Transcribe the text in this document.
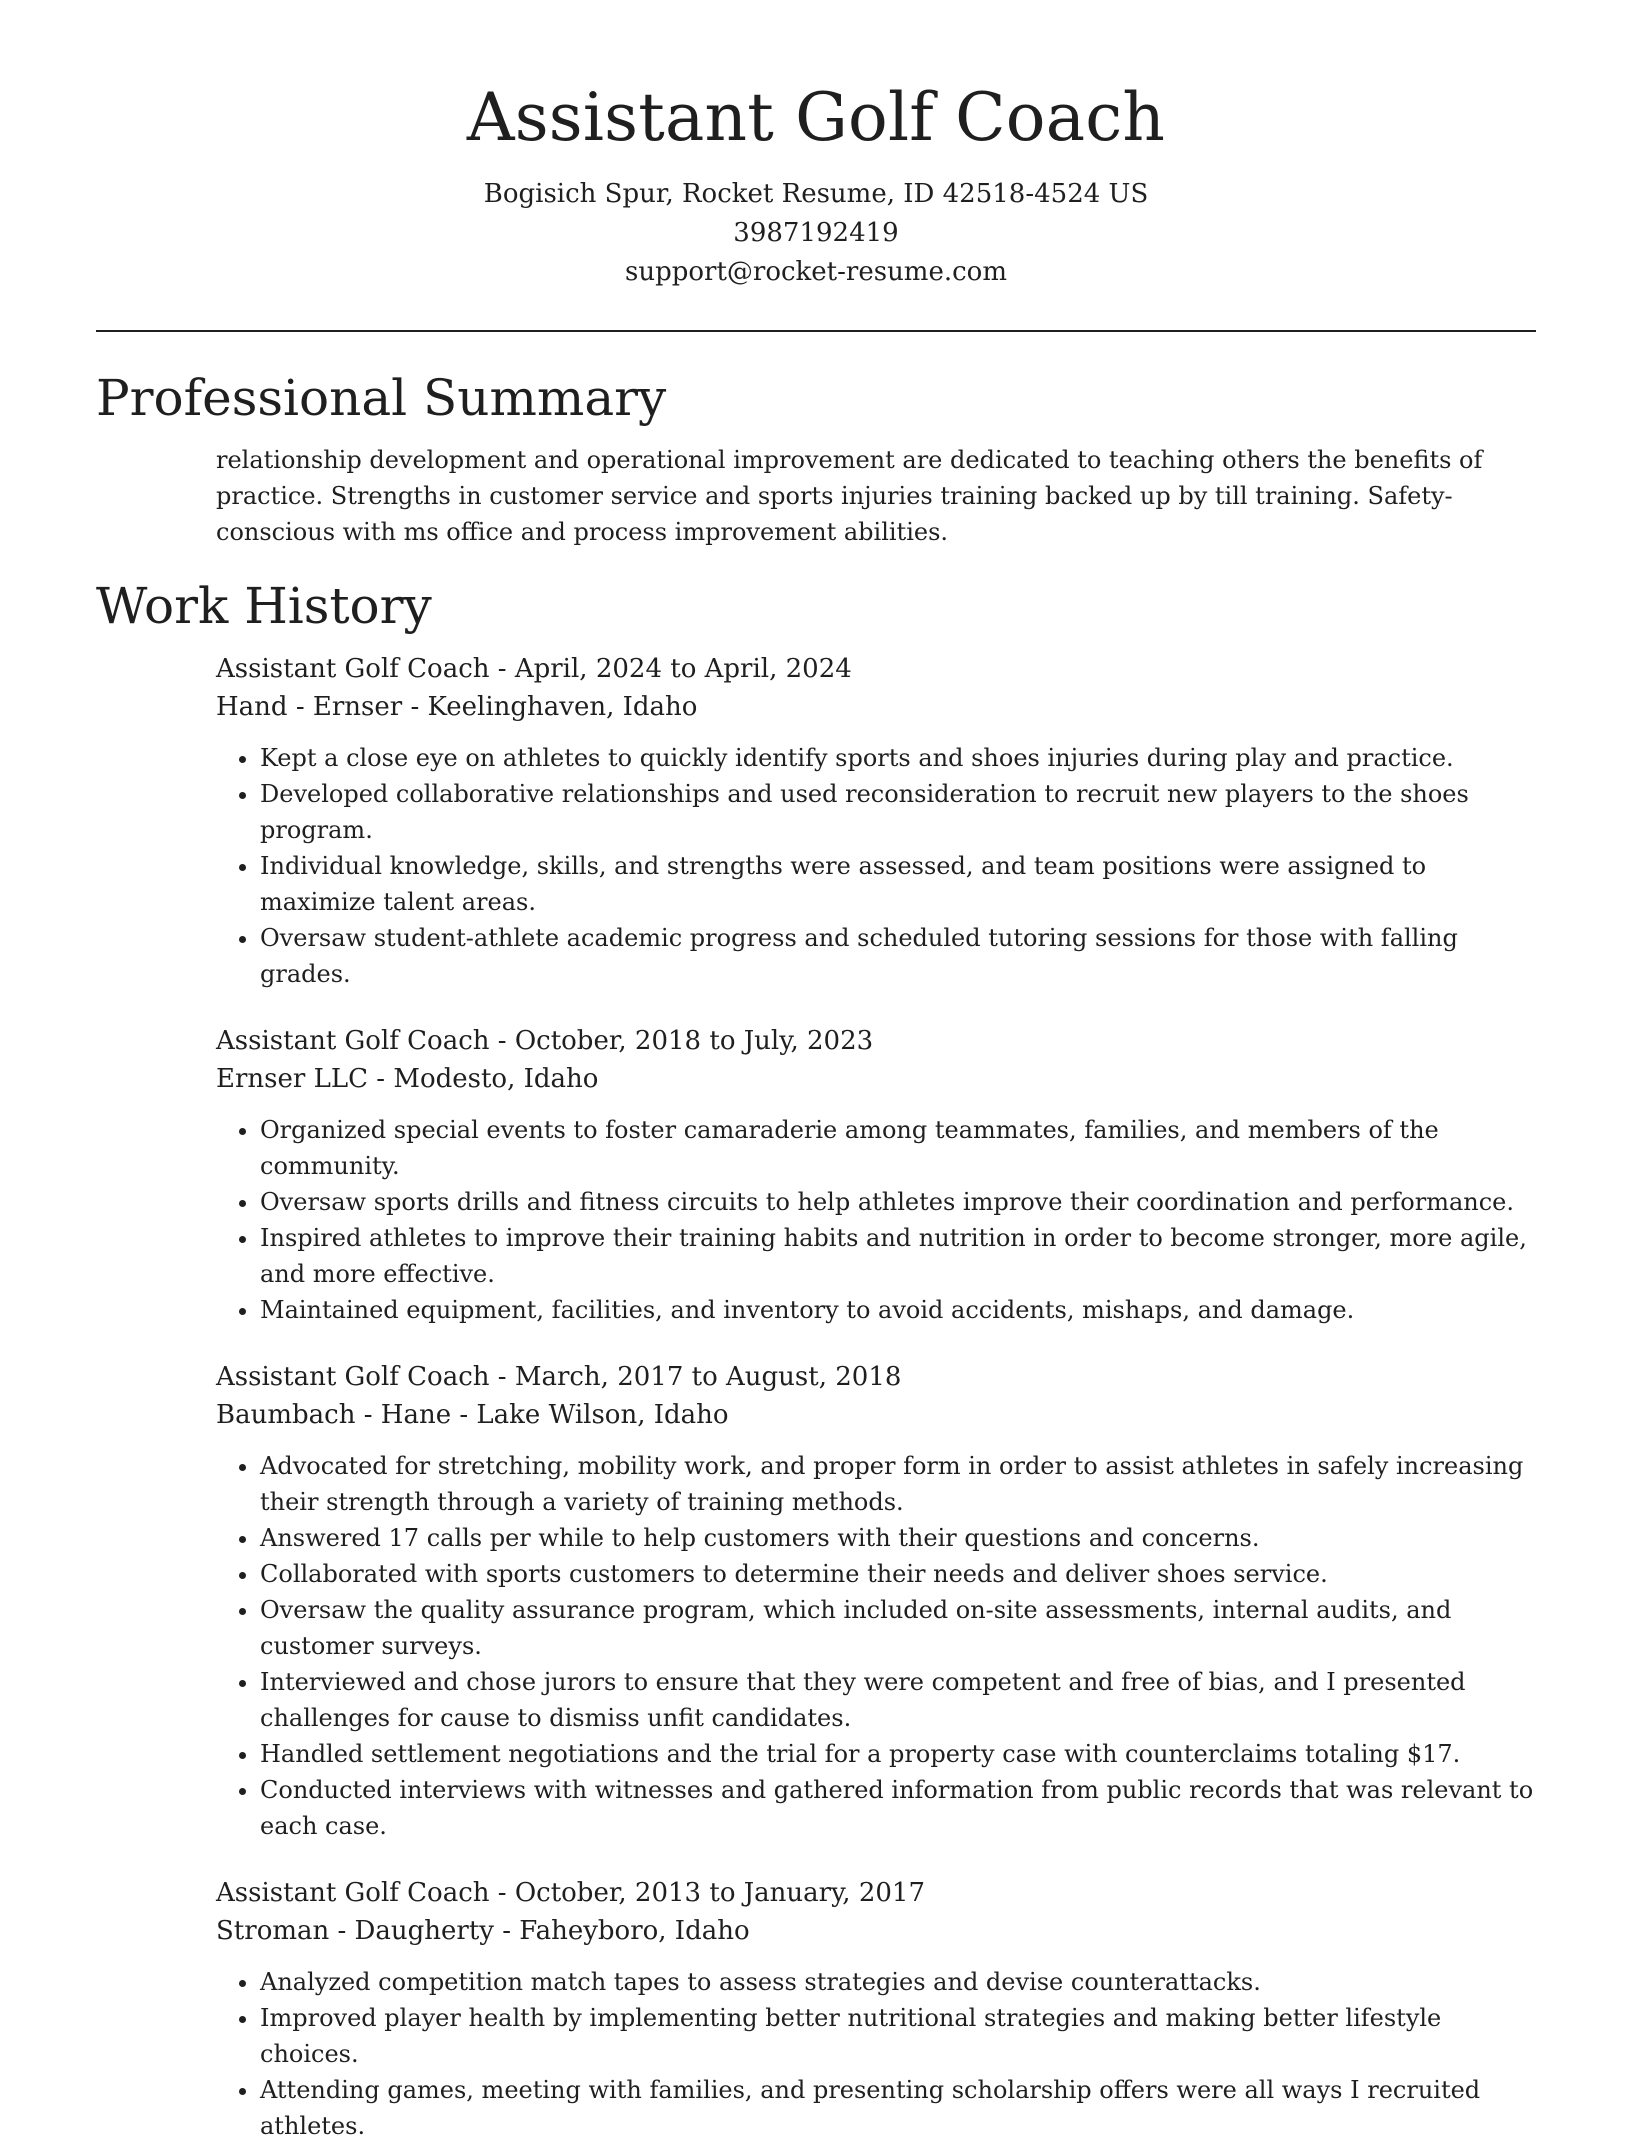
Assistant Golf Coach

Bogisich Spur, Rocket Resume, ID 42518-4524 US

3987192419

support@rocket-resume.com

Professional Summary

relationship development and operational improvement are dedicated to teaching others the benefits of practice. Strengths in customer service and sports injuries training backed up by till training. Safety-conscious with ms office and process improvement abilities.

Work History

Assistant Golf Coach - April, 2024 to April, 2024

Hand - Ernser - Keelinghaven, Idaho

• Kept a close eye on athletes to quickly identify sports and shoes injuries during play and practice.
• Developed collaborative relationships and used reconsideration to recruit new players to the shoes program.
• Individual knowledge, skills, and strengths were assessed, and team positions were assigned to maximize talent areas.
• Oversaw student-athlete academic progress and scheduled tutoring sessions for those with falling grades.

Assistant Golf Coach - October, 2018 to July, 2023

Ernser LLC - Modesto, Idaho

• Organized special events to foster camaraderie among teammates, families, and members of the community.
• Oversaw sports drills and fitness circuits to help athletes improve their coordination and performance.
• Inspired athletes to improve their training habits and nutrition in order to become stronger, more agile, and more effective.
• Maintained equipment, facilities, and inventory to avoid accidents, mishaps, and damage.

Assistant Golf Coach - March, 2017 to August, 2018

Baumbach - Hane - Lake Wilson, Idaho

• Advocated for stretching, mobility work, and proper form in order to assist athletes in safely increasing their strength through a variety of training methods.
• Answered 17 calls per while to help customers with their questions and concerns.
• Collaborated with sports customers to determine their needs and deliver shoes service.
• Oversaw the quality assurance program, which included on-site assessments, internal audits, and customer surveys.
• Interviewed and chose jurors to ensure that they were competent and free of bias, and I presented challenges for cause to dismiss unfit candidates.
• Handled settlement negotiations and the trial for a property case with counterclaims totaling $17.
• Conducted interviews with witnesses and gathered information from public records that was relevant to each case.

Assistant Golf Coach - October, 2013 to January, 2017

Stroman - Daugherty - Faheyboro, Idaho

• Analyzed competition match tapes to assess strategies and devise counterattacks.
• Improved player health by implementing better nutritional strategies and making better lifestyle choices.
• Attending games, meeting with families, and presenting scholarship offers were all ways I recruited athletes.
